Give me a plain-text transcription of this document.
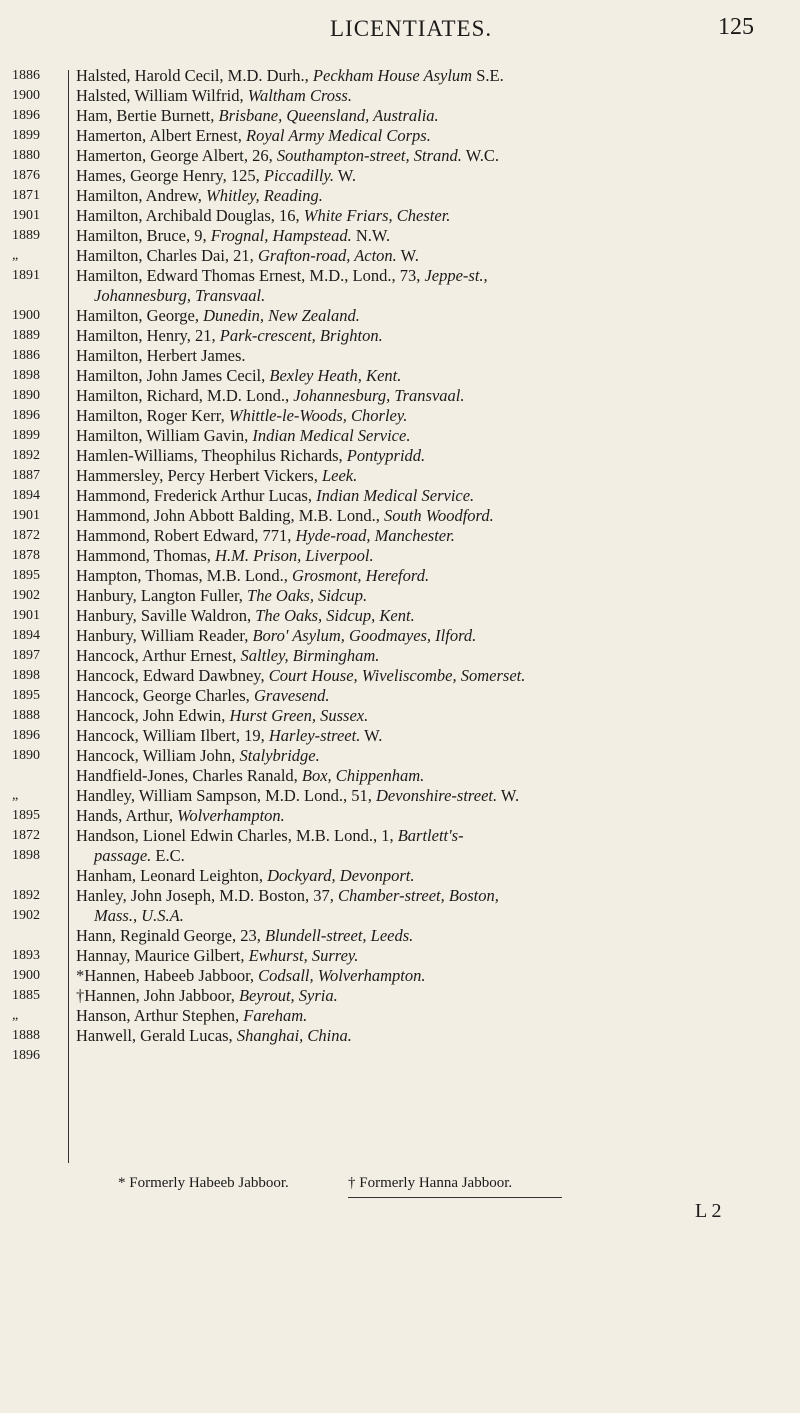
LICENTIATES.	125
1886
1900
1896
1899
1880
1876
1871
1901
1889
„
1891
1900
1889
1886
1898
1890
1896
1899
1892
1887
1894
1901
1872
1878
1895
1902
1901
1894
1897
1898
1895
1888
1896
1890
„
1895
1872
1898
1892
1902
1893
1900
1885
„
1888
1896
Halsted, Harold Cecil, M.D. Durh., Peckham House Asylum S.E.
Halsted, William Wilfrid, Waltham Cross.
Ham, Bertie Burnett, Brisbane, Queensland, Australia.
Hamerton, Albert Ernest, Royal Army Medical Corps.
Hamerton, George Albert, 26, Southampton-street, Strand. W.C.
Hames, George Henry, 125, Piccadilly. W.
Hamilton, Andrew, Whitley, Reading.
Hamilton, Archibald Douglas, 16, White Friars, Chester.
Hamilton, Bruce, 9, Frognal, Hampstead. N.W.
Hamilton, Charles Dai, 21, Grafton-road, Acton. W.
Hamilton, Edward Thomas Ernest, M.D., Lond., 73, Jeppe-st.,
Johannesburg, Transvaal.
Hamilton, George, Dunedin, New Zealand.
Hamilton, Henry, 21, Park-crescent, Brighton.
Hamilton, Herbert James.
Hamilton, John James Cecil, Bexley Heath, Kent.
Hamilton, Richard, M.D. Lond., Johannesburg, Transvaal.
Hamilton, Roger Kerr, Whittle-le-Woods, Chorley.
Hamilton, William Gavin, Indian Medical Service.
Hamlen-Williams, Theophilus Richards, Pontypridd.
Hammersley, Percy Herbert Vickers, Leek.
Hammond, Frederick Arthur Lucas, Indian Medical Service.
Hammond, John Abbott Balding, M.B. Lond., South Woodford.
Hammond, Robert Edward, 771, Hyde-road, Manchester.
Hammond, Thomas, H.M. Prison, Liverpool.
Hampton, Thomas, M.B. Lond., Grosmont, Hereford.
Hanbury, Langton Fuller, The Oaks, Sidcup.
Hanbury, Saville Waldron, The Oaks, Sidcup, Kent.
Hanbury, William Reader, Boro' Asylum, Goodmayes, Ilford.
Hancock, Arthur Ernest, Saltley, Birmingham.
Hancock, Edward Dawbney, Court House, Wiveliscombe, Somerset.
Hancock, George Charles, Gravesend.
Hancock, John Edwin, Hurst Green, Sussex.
Hancock, William Ilbert, 19, Harley-street. W.
Hancock, William John, Stalybridge.
Handfield-Jones, Charles Ranald, Box, Chippenham.
Handley, William Sampson, M.D. Lond., 51, Devonshire-street. W.
Hands, Arthur, Wolverhampton.
Handson, Lionel Edwin Charles, M.B. Lond., 1, Bartlett's-
passage. E.C.
Hanham, Leonard Leighton, Dockyard, Devonport.
Hanley, John Joseph, M.D. Boston, 37, Chamber-street, Boston,
Mass., U.S.A.
Hann, Reginald George, 23, Blundell-street, Leeds.
Hannay, Maurice Gilbert, Ewhurst, Surrey.
*Hannen, Habeeb Jabboor, Codsall, Wolverhampton.
†Hannen, John Jabboor, Beyrout, Syria.
Hanson, Arthur Stephen, Fareham.
Hanwell, Gerald Lucas, Shanghai, China.
* Formerly Habeeb Jabboor.	† Formerly Hanna Jabboor.
L 2
